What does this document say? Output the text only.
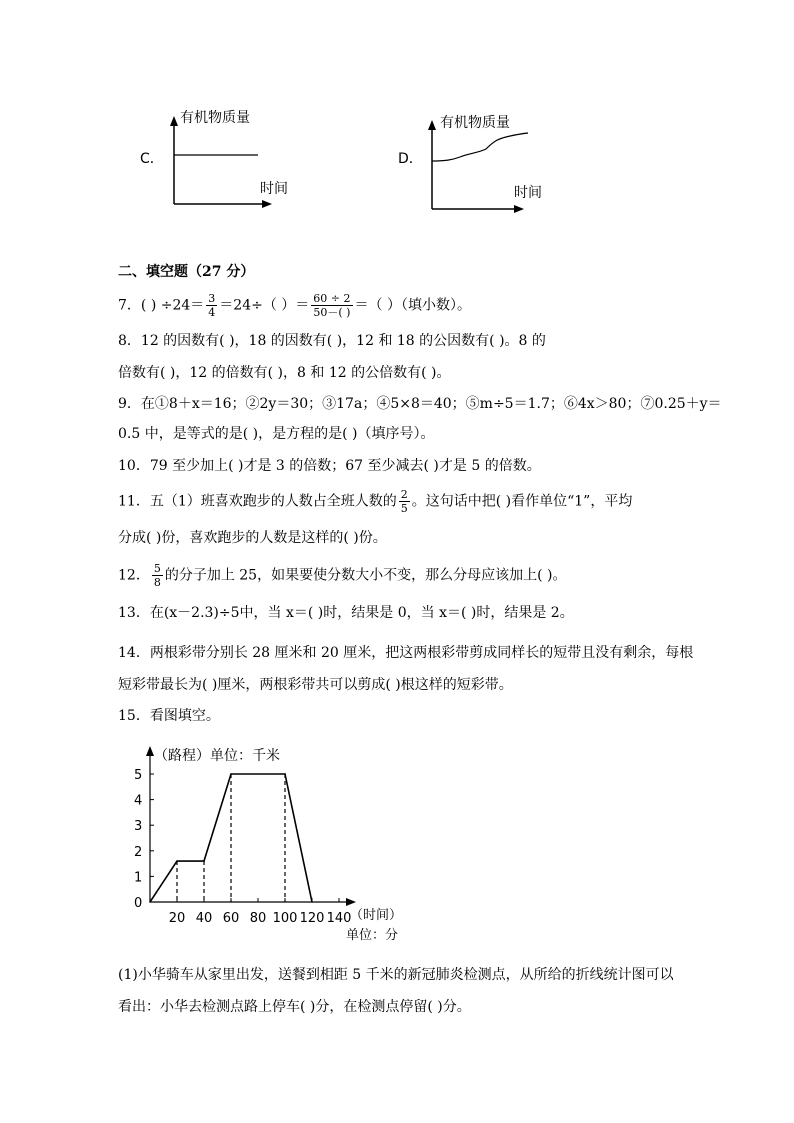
有机物质量
C．
时间
有机物质量
D．
时间
二、填空题（27 分）
7．( ) $\div 24= \frac{3}{4} =24\div$（ ）＝ $\frac{60 \div 2}{50-( )}$ ＝（ ）（填小数）。
8．12 的因数有( )，18 的因数有( )，12 和 18 的公因数有( )。8 的
倍数有( )，12 的倍数有( )，8 和 12 的公倍数有( )。
9．在①8＋x＝16；②2y＝30；③17a；④5×8＝40；⑤m÷5＝1.7；⑥4x＞80；⑦0.25＋y＝
0.5 中，是等式的是( )，是方程的是( )（填序号）。
10．79 至少加上( )才是 3 的倍数；67 至少减去( )才是 5 的倍数。
11．五（1）班喜欢跑步的人数占全班人数的 $\frac{2}{5}$ 。这句话中把( )看作单位“1”，平均
分成( )份，喜欢跑步的人数是这样的( )份。
12． $\frac{5}{8}$ 的分子加上 25，如果要使分数大小不变，那么分母应该加上( )。
13．在(x－2.3)÷5中，当 x＝( )时，结果是 0，当 x＝( )时，结果是 2。
14．两根彩带分别长 28 厘米和 20 厘米，把这两根彩带剪成同样长的短带且没有剩余，每根
短彩带最长为( )厘米，两根彩带共可以剪成( )根这样的短彩带。
15．看图填空。
（路程）单位：千米
（时间）
单位：分
0
1
2
3
4
5
20 40 60 80 100 120 140
(1)小华骑车从家里出发，送餐到相距 5 千米的新冠肺炎检测点，从所给的折线统计图可以
看出：小华去检测点路上停车( )分，在检测点停留( )分。
